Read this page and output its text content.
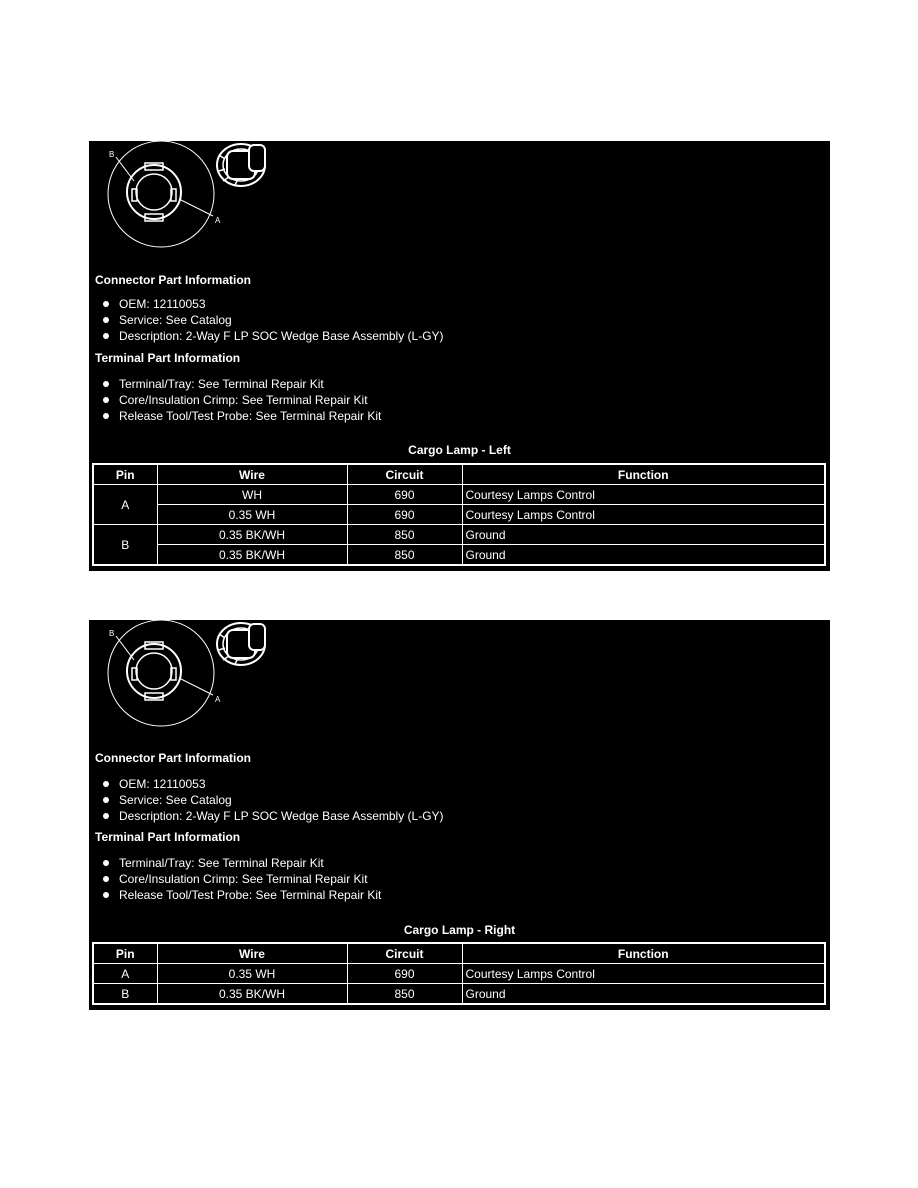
B
A
Connector Part Information
OEM: 12110053
Service: See Catalog
Description: 2-Way F LP SOC Wedge Base Assembly (L-GY)
Terminal Part Information
Terminal/Tray: See Terminal Repair Kit
Core/Insulation Crimp: See Terminal Repair Kit
Release Tool/Test Probe: See Terminal Repair Kit
Cargo Lamp - Left
Pin	Wire	Circuit	Function
A	WH	690	Courtesy Lamps Control
	0.35 WH	690	Courtesy Lamps Control
B	0.35 BK/WH	850	Ground
	0.35 BK/WH	850	Ground
B
A
Connector Part Information
OEM: 12110053
Service: See Catalog
Description: 2-Way F LP SOC Wedge Base Assembly (L-GY)
Terminal Part Information
Terminal/Tray: See Terminal Repair Kit
Core/Insulation Crimp: See Terminal Repair Kit
Release Tool/Test Probe: See Terminal Repair Kit
Cargo Lamp - Right
Pin	Wire	Circuit	Function
A	0.35 WH	690	Courtesy Lamps Control
B	0.35 BK/WH	850	Ground
